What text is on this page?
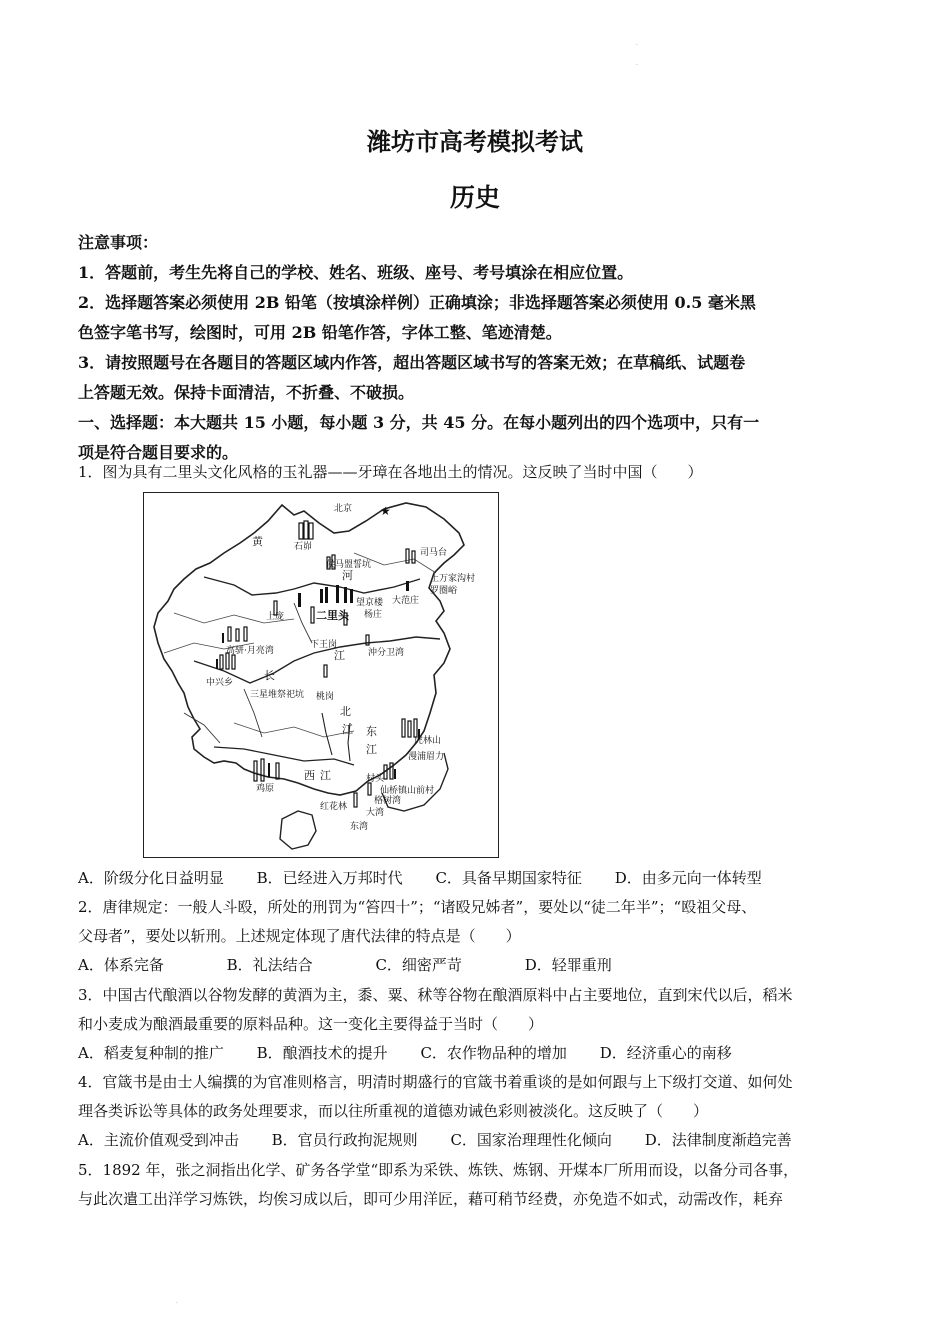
潍坊市高考模拟考试
历史
注意事项：
1．答题前，考生先将自己的学校、姓名、班级、座号、考号填涂在相应位置。
2．选择题答案必须使用 2B 铅笔（按填涂样例）正确填涂；非选择题答案必须使用 0.5 毫米黑
色签字笔书写，绘图时，可用 2B 铅笔作答，字体工整、笔迹清楚。
3．请按照题号在各题目的答题区域内作答，超出答题区域书写的答案无效；在草稿纸、试题卷
上答题无效。保持卡面清洁，不折叠、不破损。
一、选择题：本大题共 15 小题，每小题 3 分，共 45 分。在每小题列出的四个选项中，只有一
项是符合题目要求的。
1．图为具有二里头文化风格的玉礼器——牙璋在各地出土的情况。这反映了当时中国（　　）
★
北京
黄
河
长
江
北
江 东
江
西 江
石峁
司马台
侯马盟誓坑
上万家沟村
罗圈峪
二里头
望京楼
杨庄
大范庄
上庞
下王岗
沖分卫湾
高骈·月亮湾
中兴乡
三星堆祭祀坑 桃岗
虎林山
漫浦眉力
仙桥镇山前村
村头
大湾
格树湾
红花林
东湾
鸡原
A．阶级分化日益明显 B．已经进入万邦时代 C．具备早期国家特征 D．由多元向一体转型
2．唐律规定：一般人斗殴，所处的刑罚为“笞四十”；“诸殴兄姊者”，要处以“徒二年半”；“殴祖父母、
父母者”，要处以斩刑。上述规定体现了唐代法律的特点是（　　）
A．体系完备	B．礼法结合	C．细密严苛	D．轻罪重刑
3．中国古代酿酒以谷物发酵的黄酒为主，黍、粟、秫等谷物在酿酒原料中占主要地位，直到宋代以后，稻米
和小麦成为酿酒最重要的原料品种。这一变化主要得益于当时（　　）
A．稻麦复种制的推广 B．酿酒技术的提升 C．农作物品种的增加 D．经济重心的南移
4．官箴书是由士人编撰的为官准则格言，明清时期盛行的官箴书着重谈的是如何跟与上下级打交道、如何处
理各类诉讼等具体的政务处理要求，而以往所重视的道德劝诫色彩则被淡化。这反映了（　　）
A．主流价值观受到冲击 B．官员行政拘泥规则 C．国家治理理性化倾向 D．法律制度渐趋完善
5．1892 年，张之洞指出化学、矿务各学堂“即系为采铁、炼铁、炼钢、开煤本厂所用而设，以备分司各事，
与此次遣工出洋学习炼铁，均俟习成以后，即可少用洋匠，藉可稍节经费，亦免造不如式，动需改作，耗弃
·
·
·
